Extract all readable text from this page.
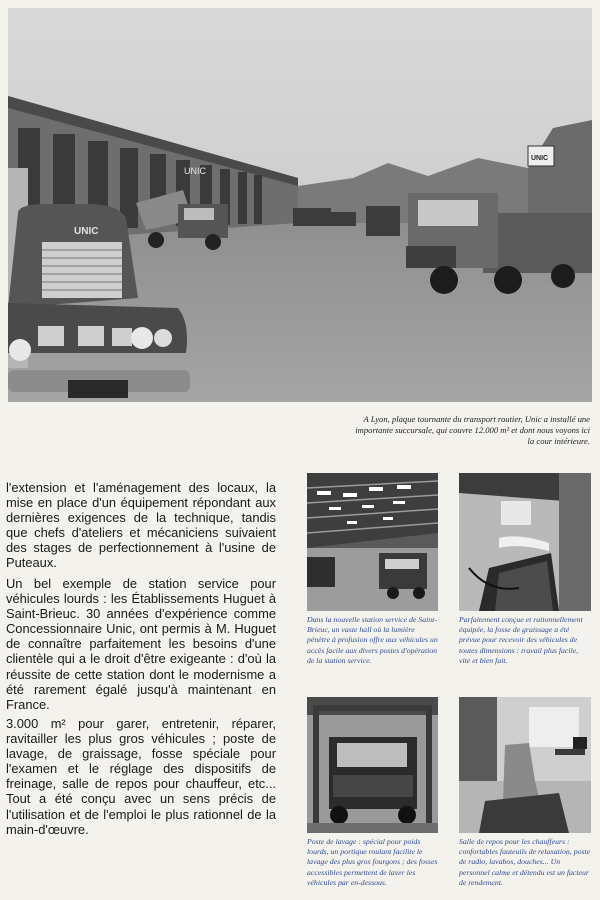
UNIC
UNIC
UNIC
A Lyon, plaque tournante du transport routier, Unic a installé une
importante succursale, qui couvre 12.000 m² et dont nous voyons ici
la cour intérieure.

l'extension et l'aménagement des locaux, la mise en place d'un équipement répondant aux dernières exigences de la technique, tandis que chefs d'ateliers et mécaniciens suivaient des stages de perfectionnement à l'usine de Puteaux.

Un bel exemple de station service pour véhicules lourds : les Établissements Huguet à Saint-Brieuc. 30 années d'expérience comme Concessionnaire Unic, ont permis à M. Huguet de connaître parfaitement les besoins d'une clientèle qui a le droit d'être exigeante : d'où la réussite de cette station dont le modernisme a été rarement égalé jusqu'à maintenant en France.

3.000 m² pour garer, entretenir, réparer, ravitailler les plus gros véhicules ; poste de lavage, de graissage, fosse spéciale pour l'examen et le réglage des dispositifs de freinage, salle de repos pour chauffeur, etc... Tout a été conçu avec un sens précis de l'utilisation et de l'emploi le plus rationnel de la main-d'œuvre.

Dans la nouvelle station service de Saint-Brieuc, un vaste hall où la lumière pénètre à profusion offre aux véhicules un accès facile aux divers postes d'opération de la station service.
Parfaitement conçue et rationnellement équipée, la fosse de graissage a été prévue pour recevoir des véhicules de toutes dimensions : travail plus facile, vite et bien fait.
Poste de lavage : spécial pour poids lourds, un portique roulant facilite le lavage des plus gros fourgons ; des fosses accessibles permettent de laver les véhicules par en-dessous.
Salle de repos pour les chauffeurs : confortables fauteuils de relaxation, poste de radio, lavabos, douches... Un personnel calme et détendu est un facteur de rendement.
